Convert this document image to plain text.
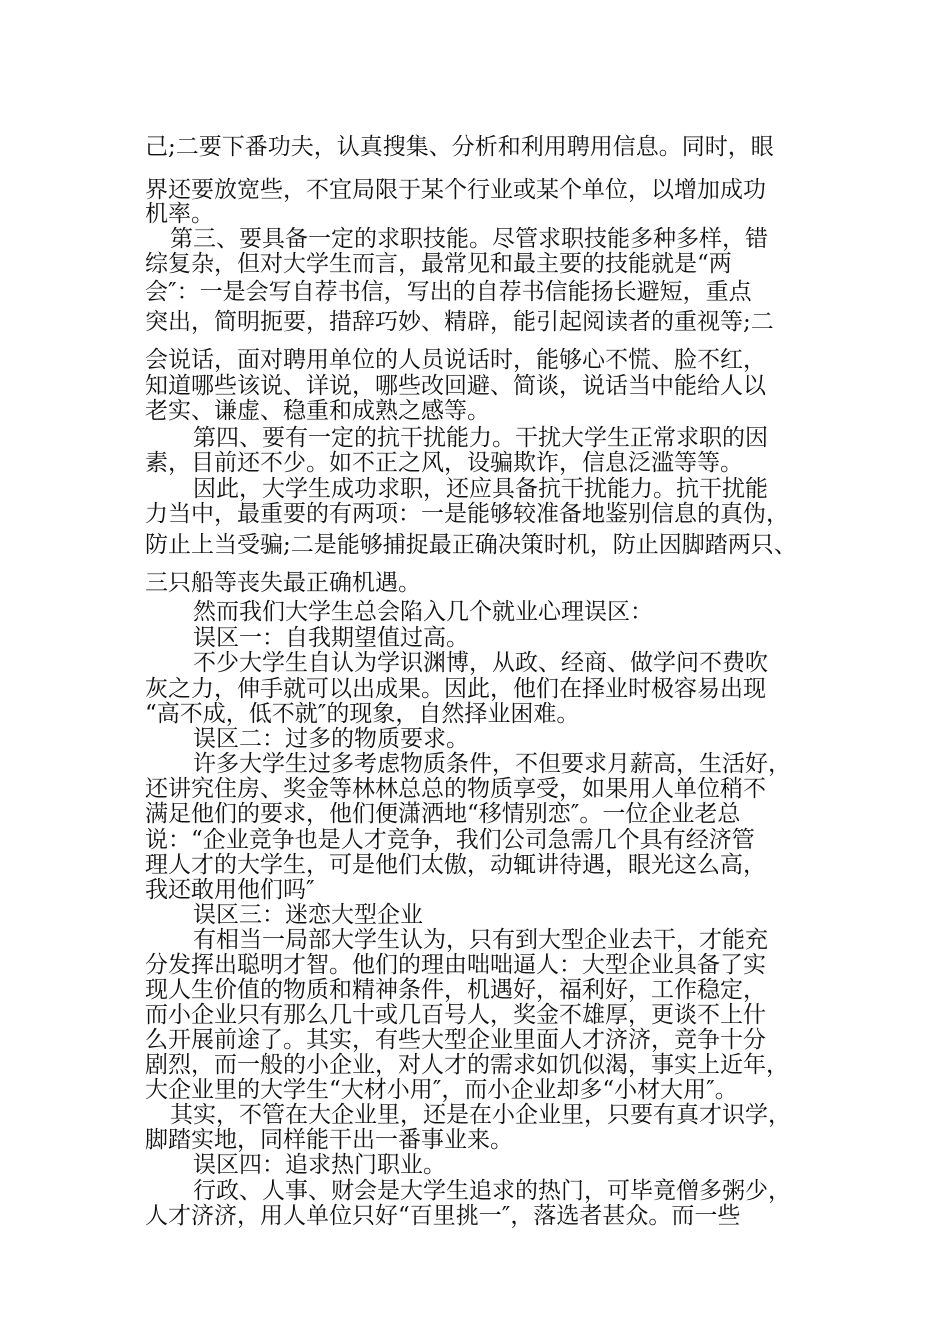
己;二要下番功夫，认真搜集、分析和利用聘用信息。同时，眼
界还要放宽些，不宜局限于某个行业或某个单位，以增加成功
机率。
第三、要具备一定的求职技能。尽管求职技能多种多样，错
综复杂，但对大学生而言，最常见和最主要的技能就是“两
会″：一是会写自荐书信，写出的自荐书信能扬长避短，重点
突出，简明扼要，措辞巧妙、精辟，能引起阅读者的重视等;二
会说话，面对聘用单位的人员说话时，能够心不慌、脸不红，
知道哪些该说、详说，哪些改回避、简谈，说话当中能给人以
老实、谦虚、稳重和成熟之感等。
第四、要有一定的抗干扰能力。干扰大学生正常求职的因
素，目前还不少。如不正之风，设骗欺诈，信息泛滥等等。
因此，大学生成功求职，还应具备抗干扰能力。抗干扰能
力当中，最重要的有两项：一是能够较准备地鉴别信息的真伪，
防止上当受骗;二是能够捕捉最正确决策时机，防止因脚踏两只、
三只船等丧失最正确机遇。
然而我们大学生总会陷入几个就业心理误区：
误区一：自我期望值过高。
不少大学生自认为学识渊博，从政、经商、做学问不费吹
灰之力，伸手就可以出成果。因此，他们在择业时极容易出现
“高不成，低不就″的现象，自然择业困难。
误区二：过多的物质要求。
许多大学生过多考虑物质条件，不但要求月薪高，生活好，
还讲究住房、奖金等林林总总的物质享受，如果用人单位稍不
满足他们的要求，他们便潇洒地“移情别恋″。一位企业老总
说：“企业竞争也是人才竞争，我们公司急需几个具有经济管
理人才的大学生，可是他们太傲，动辄讲待遇，眼光这么高，
我还敢用他们吗″
误区三：迷恋大型企业
有相当一局部大学生认为，只有到大型企业去干，才能充
分发挥出聪明才智。他们的理由咄咄逼人：大型企业具备了实
现人生价值的物质和精神条件，机遇好，福利好，工作稳定，
而小企业只有那么几十或几百号人，奖金不雄厚，更谈不上什
么开展前途了。其实，有些大型企业里面人才济济，竞争十分
剧烈，而一般的小企业，对人才的需求如饥似渴，事实上近年，
大企业里的大学生“大材小用″，而小企业却多“小材大用″。
其实，不管在大企业里，还是在小企业里，只要有真才识学，
脚踏实地，同样能干出一番事业来。
误区四：追求热门职业。
行政、人事、财会是大学生追求的热门，可毕竟僧多粥少，
人才济济，用人单位只好“百里挑一″，落选者甚众。而一些
